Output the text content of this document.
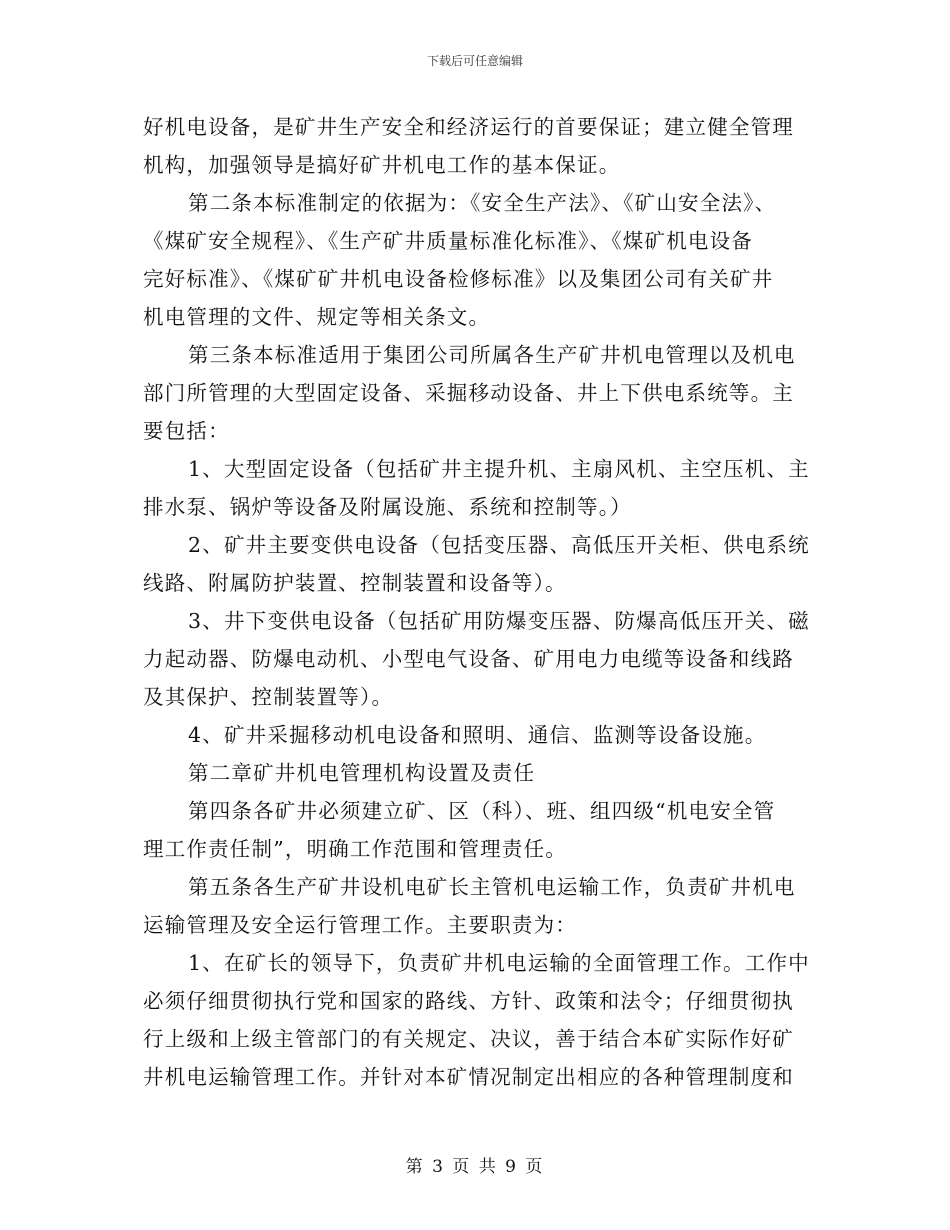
下载后可任意编辑
好机电设备，是矿井生产安全和经济运行的首要保证；建立健全管理
机构，加强领导是搞好矿井机电工作的基本保证。
第二条本标准制定的依据为：《安全生产法》、《矿山安全法》、
《煤矿安全规程》、《生产矿井质量标准化标准》、《煤矿机电设备
完好标准》、《煤矿矿井机电设备检修标准》以及集团公司有关矿井
机电管理的文件、规定等相关条文。
第三条本标准适用于集团公司所属各生产矿井机电管理以及机电
部门所管理的大型固定设备、采掘移动设备、井上下供电系统等。主
要包括：
1、大型固定设备（包括矿井主提升机、主扇风机、主空压机、主
排水泵、锅炉等设备及附属设施、系统和控制等。）
2、矿井主要变供电设备（包括变压器、高低压开关柜、供电系统
线路、附属防护装置、控制装置和设备等）。
3、井下变供电设备（包括矿用防爆变压器、防爆高低压开关、磁
力起动器、防爆电动机、小型电气设备、矿用电力电缆等设备和线路
及其保护、控制装置等）。
4、矿井采掘移动机电设备和照明、通信、监测等设备设施。
第二章矿井机电管理机构设置及责任
第四条各矿井必须建立矿、区（科）、班、组四级“机电安全管
理工作责任制”，明确工作范围和管理责任。
第五条各生产矿井设机电矿长主管机电运输工作，负责矿井机电
运输管理及安全运行管理工作。主要职责为：
1、在矿长的领导下，负责矿井机电运输的全面管理工作。工作中
必须仔细贯彻执行党和国家的路线、方针、政策和法令；仔细贯彻执
行上级和上级主管部门的有关规定、决议，善于结合本矿实际作好矿
井机电运输管理工作。并针对本矿情况制定出相应的各种管理制度和
第 3 页 共 9 页
